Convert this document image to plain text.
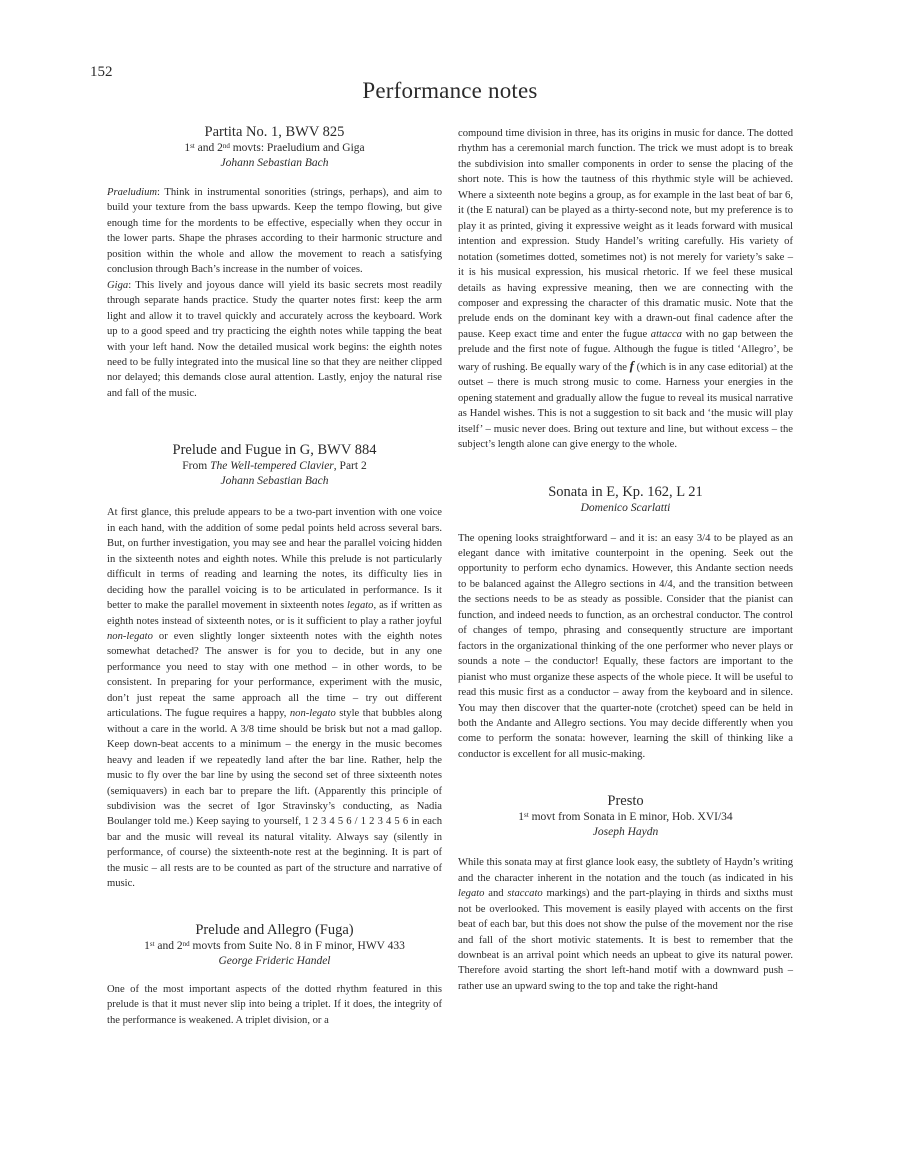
152
Performance notes
Partita No. 1, BWV 825
1st and 2nd movts: Praeludium and Giga
Johann Sebastian Bach

Praeludium: Think in instrumental sonorities (strings, perhaps), and aim to build your texture from the bass upwards. Keep the tempo flowing, but give enough time for the mordents to be effective, especially when they occur in the lower parts. Shape the phrases according to their harmonic structure and position within the whole and allow the movement to reach a satisfying conclusion through Bach’s increase in the number of voices.

Giga: This lively and joyous dance will yield its basic secrets most readily through separate hands practice. Study the quarter notes first: keep the arm light and allow it to travel quickly and accurately across the keyboard. Work up to a good speed and try practicing the eighth notes while tapping the beat with your left hand. Now the detailed musical work begins: the eighth notes need to be fully integrated into the musical line so that they are neither clipped nor delayed; this demands close aural attention. Lastly, enjoy the natural rise and fall of the music.

Prelude and Fugue in G, BWV 884
From The Well-tempered Clavier, Part 2
Johann Sebastian Bach

At first glance, this prelude appears to be a two-part invention with one voice in each hand, with the addition of some pedal points held across several bars. But, on further investigation, you may see and hear the parallel voicing hidden in the sixteenth notes and eighth notes. While this prelude is not particularly difficult in terms of reading and learning the notes, its difficulty lies in deciding how the parallel voicing is to be articulated in performance. Is it better to make the parallel movement in sixteenth notes legato, as if written as eighth notes instead of sixteenth notes, or is it sufficient to play a rather joyful non-legato or even slightly longer sixteenth notes with the eighth notes somewhat detached? The answer is for you to decide, but in any one performance you need to stay with one method – in other words, to be consistent. In preparing for your performance, experiment with the music, don’t just repeat the same approach all the time – try out different articulations. The fugue requires a happy, non-legato style that bubbles along without a care in the world. A 3/8 time should be brisk but not a mad gallop. Keep down-beat accents to a minimum – the energy in the music becomes heavy and leaden if we repeatedly land after the bar line. Rather, help the music to fly over the bar line by using the second set of three sixteenth notes (semiquavers) in each bar to prepare the lift. (Apparently this principle of subdivision was the secret of Igor Stravinsky’s conducting, as Nadia Boulanger told me.) Keep saying to yourself, 1 2 3 4 5 6 / 1 2 3 4 5 6 in each bar and the music will reveal its natural vitality. Always say (silently in performance, of course) the sixteenth-note rest at the beginning. It is part of the music – all rests are to be counted as part of the structure and narrative of music.

Prelude and Allegro (Fuga)
1st and 2nd movts from Suite No. 8 in F minor, HWV 433
George Frideric Handel

One of the most important aspects of the dotted rhythm featured in this prelude is that it must never slip into being a triplet. If it does, the integrity of the performance is weakened. A triplet division, or a

compound time division in three, has its origins in music for dance. The dotted rhythm has a ceremonial march function. The trick we must adopt is to break the subdivision into smaller components in order to sense the placing of the short note. This is how the tautness of this rhythmic style will be achieved. Where a sixteenth note begins a group, as for example in the last beat of bar 6, it (the E natural) can be played as a thirty-second note, but my preference is to play it as printed, giving it expressive weight as it leads forward with musical intention and expression. Study Handel’s writing carefully. His variety of notation (sometimes dotted, sometimes not) is not merely for variety’s sake – it is his musical expression, his musical rhetoric. If we feel these musical details as having expressive meaning, then we are connecting with the composer and expressing the character of this dramatic music. Note that the prelude ends on the dominant key with a drawn-out final cadence after the pause. Keep exact time and enter the fugue attacca with no gap between the prelude and the first note of fugue. Although the fugue is titled ‘Allegro’, be wary of rushing. Be equally wary of the f (which is in any case editorial) at the outset – there is much strong music to come. Harness your energies in the opening statement and gradually allow the fugue to reveal its musical narrative as Handel wishes. This is not a suggestion to sit back and ‘the music will play itself’ – music never does. Bring out texture and line, but without excess – the subject’s length alone can give energy to the whole.

Sonata in E, Kp. 162, L 21
Domenico Scarlatti

The opening looks straightforward – and it is: an easy 3/4 to be played as an elegant dance with imitative counterpoint in the opening. Seek out the opportunity to perform echo dynamics. However, this Andante section needs to be balanced against the Allegro sections in 4/4, and the transition between the sections needs to be as steady as possible. Consider that the pianist can function, and indeed needs to function, as an orchestral conductor. The control of changes of tempo, phrasing and consequently structure are important factors in the organizational thinking of the one performer who never plays or sounds a note – the conductor! Equally, these factors are important to the pianist who must organize these aspects of the whole piece. It will be useful to read this music first as a conductor – away from the keyboard and in silence. You may then discover that the quarter-note (crotchet) speed can be held in both the Andante and Allegro sections. You may decide differently when you come to perform the sonata: however, learning the skill of thinking like a conductor is excellent for all music-making.

Presto
1st movt from Sonata in E minor, Hob. XVI/34
Joseph Haydn

While this sonata may at first glance look easy, the subtlety of Haydn’s writing and the character inherent in the notation and the touch (as indicated in his legato and staccato markings) and the part-playing in thirds and sixths must not be overlooked. This movement is easily played with accents on the first beat of each bar, but this does not show the pulse of the movement nor the rise and fall of the short motivic statements. It is best to remember that the downbeat is an arrival point which needs an upbeat to give its natural power. Therefore avoid starting the short left-hand motif with a downward push – rather use an upward swing to the top and take the right-hand
